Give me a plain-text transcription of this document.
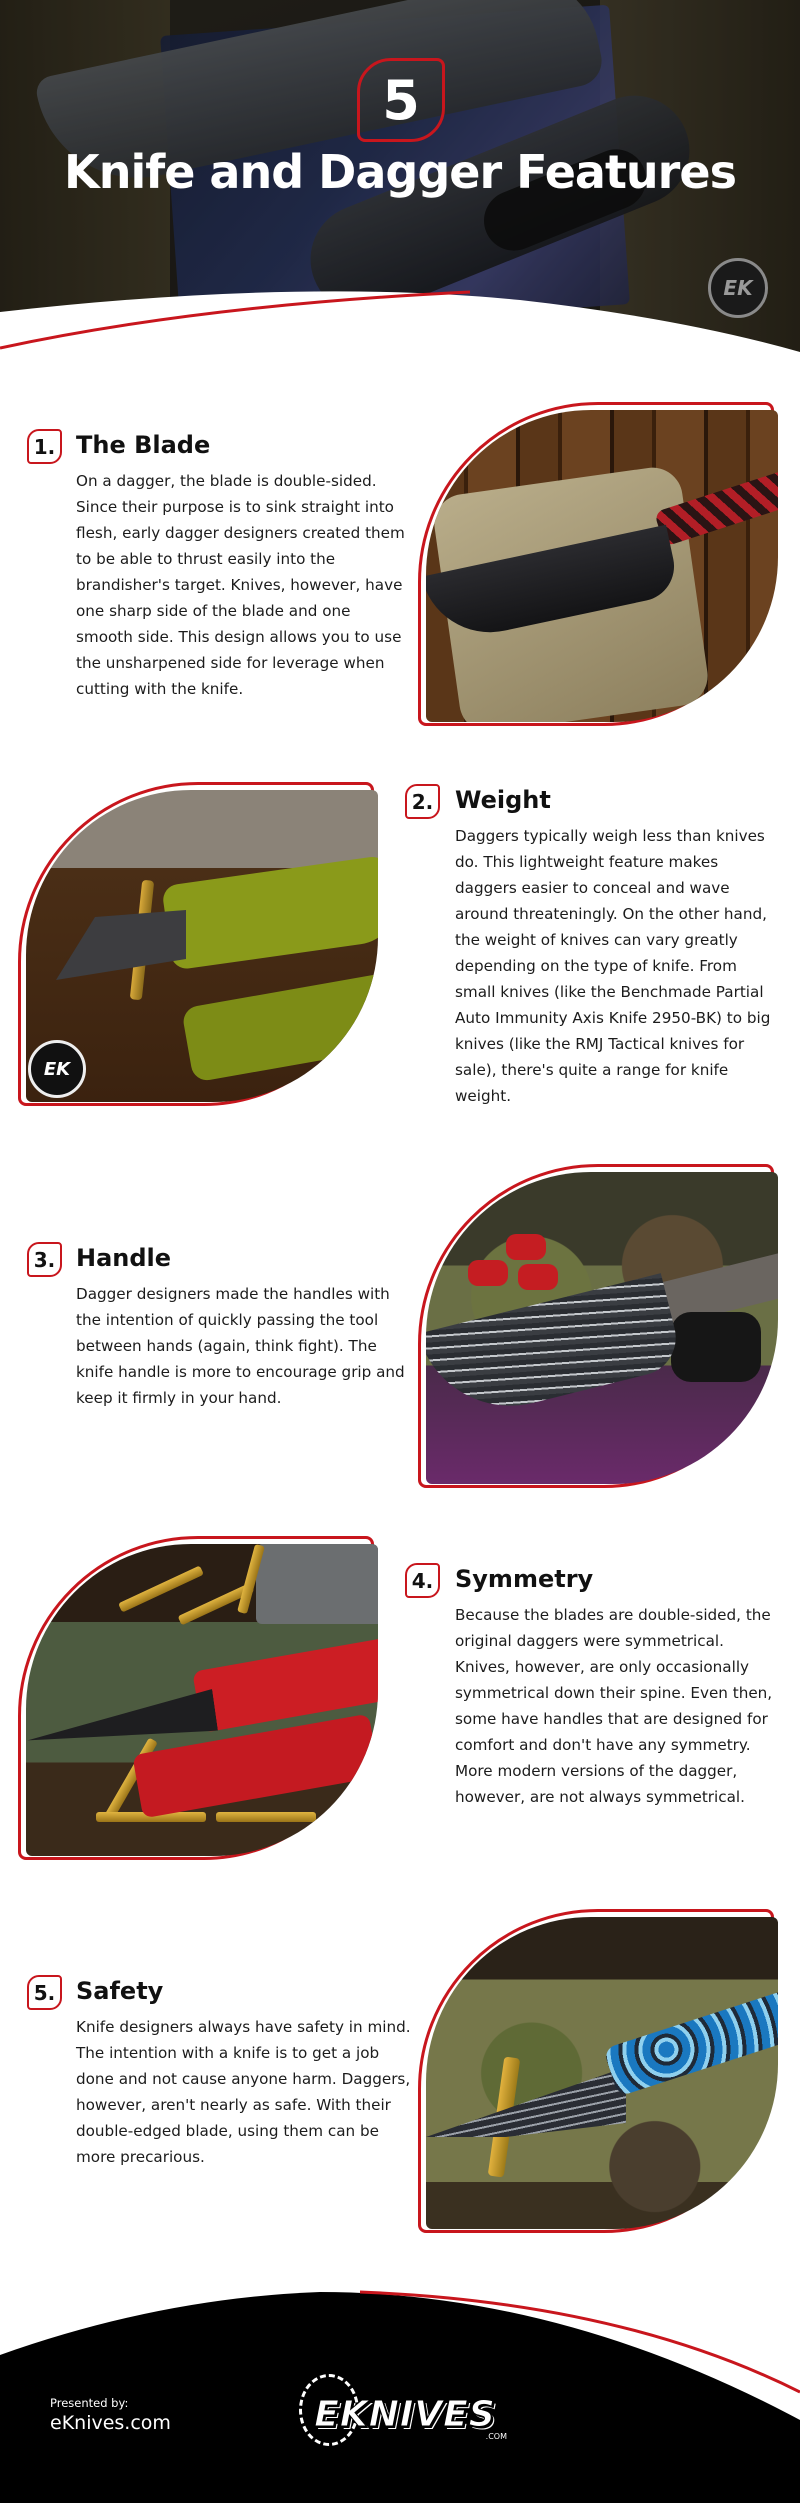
5
Knife and Dagger Features
EK
1. The Blade
On a dagger, the blade is double-sided. Since their purpose is to sink straight into flesh, early dagger designers created them to be able to thrust easily into the brandisher's target. Knives, however, have one sharp side of the blade and one smooth side. This design allows you to use the unsharpened side for leverage when cutting with the knife.
EK
2. Weight
Daggers typically weigh less than knives do. This lightweight feature makes daggers easier to conceal and wave around threateningly. On the other hand, the weight of knives can vary greatly depending on the type of knife. From small knives (like the Benchmade Partial Auto Immunity Axis Knife 2950-BK) to big knives (like the RMJ Tactical knives for sale), there's quite a range for knife weight.
3. Handle
Dagger designers made the handles with the intention of quickly passing the tool between hands (again, think fight). The knife handle is more to encourage grip and keep it firmly in your hand.
4. Symmetry
Because the blades are double-sided, the original daggers were symmetrical. Knives, however, are only occasionally symmetrical down their spine. Even then, some have handles that are designed for comfort and don't have any symmetry. More modern versions of the dagger, however, are not always symmetrical.
5. Safety
Knife designers always have safety in mind. The intention with a knife is to get a job done and not cause anyone harm. Daggers, however, aren't nearly as safe. With their double-edged blade, using them can be more precarious.
Presented by:
eKnives.com	EKNIVES
.COM
